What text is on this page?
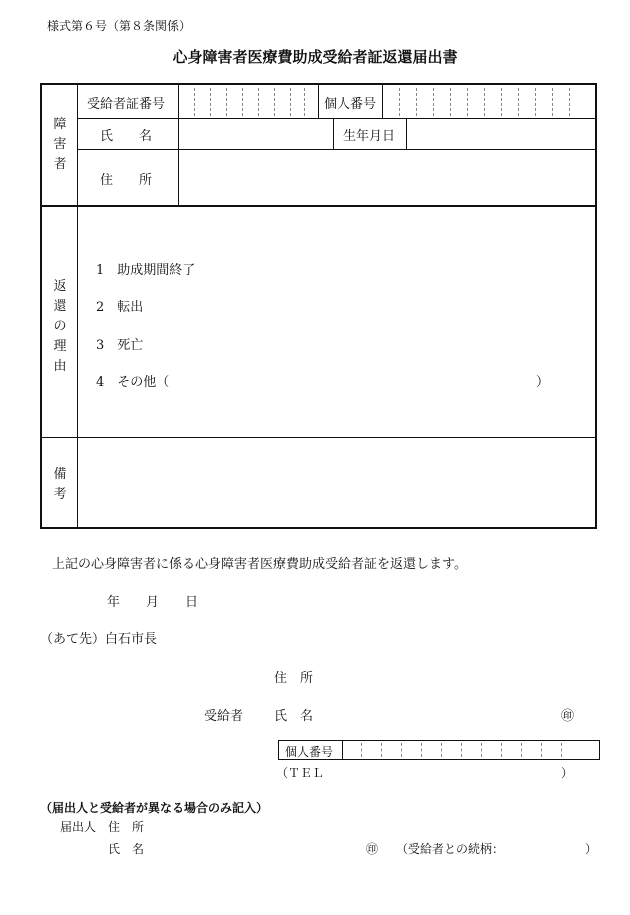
様式第６号（第８条関係）
心身障害者医療費助成受給者証返還届出書
障
害
者
返
還
の
理
由
備
考
受給者証番号	個人番号
氏　　名	生年月日
住　　所
1　 助成期間終了
2　 転出
3　 死亡
4　 その他（	）
上記の心身障害者に係る心身障害者医療費助成受給者証を返還します。
年　　月　　日
（あて先）白石市長
住　所
受給者 氏　名	㊞
個人番号
（ＴＥＬ	）
（届出人と受給者が異なる場合のみ記入）
届出人 住　所
氏　名	㊞ （受給者との続柄：	）
